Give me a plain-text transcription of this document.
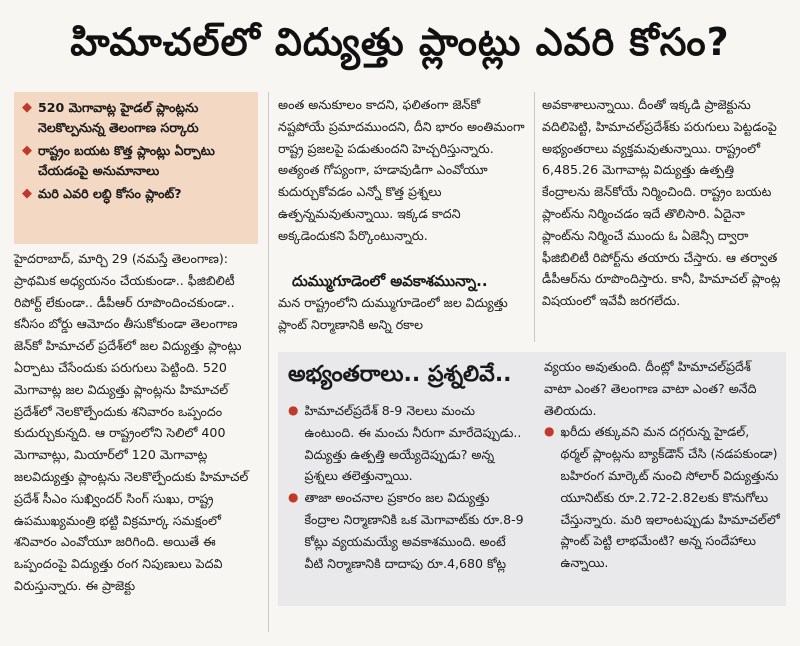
హిమాచల్‌లో విద్యుత్తు ప్లాంట్లు ఎవరి కోసం?
◆ 520 మెగావాట్ల హైడల్ ప్లాంట్లను నెలకొల్పనున్న తెలంగాణ సర్కారు
◆ రాష్ట్రం బయట కొత్త ప్లాంట్లు ఏర్పాటు చేయడంపై అనుమానాలు
◆ మరి ఎవరి లబ్ధి కోసం ప్లాంట్?

హైదరాబాద్, మార్చి 29 (నమస్తే తెలంగాణ): ప్రాథమిక అధ్యయనం చేయకుండా.. ఫీజిబిలిటీ రిపోర్ట్ లేకుండా.. డీపీఆర్ రూపొందించకుండా.. కనీసం బోర్డు ఆమోదం తీసుకోకుండా తెలంగాణ జెన్‌కో హిమాచల్ ప్రదేశ్‌లో జల విద్యుత్తు ప్లాంట్లు ఏర్పాటు చేసేందుకు పరుగులు పెట్టింది. 520 మెగావాట్ల జల విద్యుత్తు ప్లాంట్లను హిమాచల్ ప్రదేశ్‌లో నెలకొల్పేందుకు శనివారం ఒప్పందం కుదుర్చుకున్నది. ఆ రాష్ట్రంలోని సెలిలో 400 మెగావాట్లు, మియార్‌లో 120 మెగావాట్ల జలవిద్యుత్తు ప్లాంట్లను నెలకొల్పేందుకు హిమాచల్ ప్రదేశ్ సీఎం సుఖ్విందర్ సింగ్ సుఖు, రాష్ట్ర ఉపముఖ్యమంత్రి భట్టి విక్రమార్క సమక్షంలో శనివారం ఎంవోయూ జరిగింది. అయితే ఈ ఒప్పందంపై విద్యుత్తు రంగ నిపుణులు పెదవి విరుస్తున్నారు. ఈ ప్రాజెక్టు

అంత అనుకూలం కాదని, ఫలితంగా జెన్‌కో నష్టపోయే ప్రమాదముందని, దీని భారం అంతిమంగా రాష్ట్ర ప్రజలపై పడుతుందని హెచ్చరిస్తున్నారు. అత్యంత గోప్యంగా, హడావుడిగా ఎంవోయూ కుదుర్చుకోవడం ఎన్నో కొత్త ప్రశ్నలు ఉత్పన్నమవుతున్నాయి. ఇక్కడ కాదని అక్కడెందుకని పేర్కొంటున్నారు.

దుమ్ముగూడెంలో అవకాశమున్నా..

మన రాష్ట్రంలోని దుమ్ముగూడెంలో జల విద్యుత్తు ప్లాంట్ నిర్మాణానికి అన్ని రకాల

అవకాశాలున్నాయి. దీంతో ఇక్కడి ప్రాజెక్టును వదిలిపెట్టి, హిమాచల్‌ప్రదేశ్‌కు పరుగులు పెట్టడంపై అభ్యంతరాలు వ్యక్తమవుతున్నాయి. రాష్ట్రంలో 6,485.26 మెగావాట్ల విద్యుత్తు ఉత్పత్తి కేంద్రాలను జెన్‌కోయే నిర్మించింది. రాష్ట్రం బయట ప్లాంట్‌ను నిర్మించడం ఇదే తొలిసారి. ఏదైనా ప్లాంట్‌ను నిర్మించే ముందు ఓ ఏజెన్సీ ద్వారా ఫీజిబిలిటీ రిపోర్ట్‌ను తయారు చేస్తారు. ఆ తర్వాత డీపీఆర్‌ను రూపొందిస్తారు. కానీ, హిమాచల్ ప్లాంట్ల విషయంలో ఇవేవీ జరగలేదు.

అభ్యంతరాలు.. ప్రశ్నలివే..
● హిమాచల్‌ప్రదేశ్ 8-9 నెలలు మంచు ఉంటుంది. ఈ మంచు నీరుగా మారేదెప్పుడు.. విద్యుత్తు ఉత్పత్తి అయ్యేదెప్పుడు? అన్న ప్రశ్నలు తలెత్తున్నాయి.
● తాజా అంచనాల ప్రకారం జల విద్యుత్తు కేంద్రాల నిర్మాణానికి ఒక మెగావాట్‌కు రూ.8-9 కోట్లు వ్యయమయ్యే అవకాశముంది. అంటే వీటి నిర్మాణానికి దాదాపు రూ.4,680 కోట్ల

వ్యయం అవుతుంది. దీంట్లో హిమాచల్‌ప్రదేశ్ వాటా ఎంత? తెలంగాణ వాటా ఎంత? అనేది తెలియదు.

● ఖరీదు తక్కువని మన దగ్గరున్న హైడల్, థర్మల్ ప్లాంట్లను బ్యాక్‌డౌన్ చేసి (నడపకుండా) బహిరంగ మార్కెట్ నుంచి సోలార్ విద్యుత్తును యూనిట్‌కు రూ.2.72-2.82లకు కొనుగోలు చేస్తున్నారు. మరి ఇలాంటప్పుడు హిమాచల్‌లో ప్లాంట్ పెట్టి లాభమేంటి? అన్న సందేహాలు ఉన్నాయి.
